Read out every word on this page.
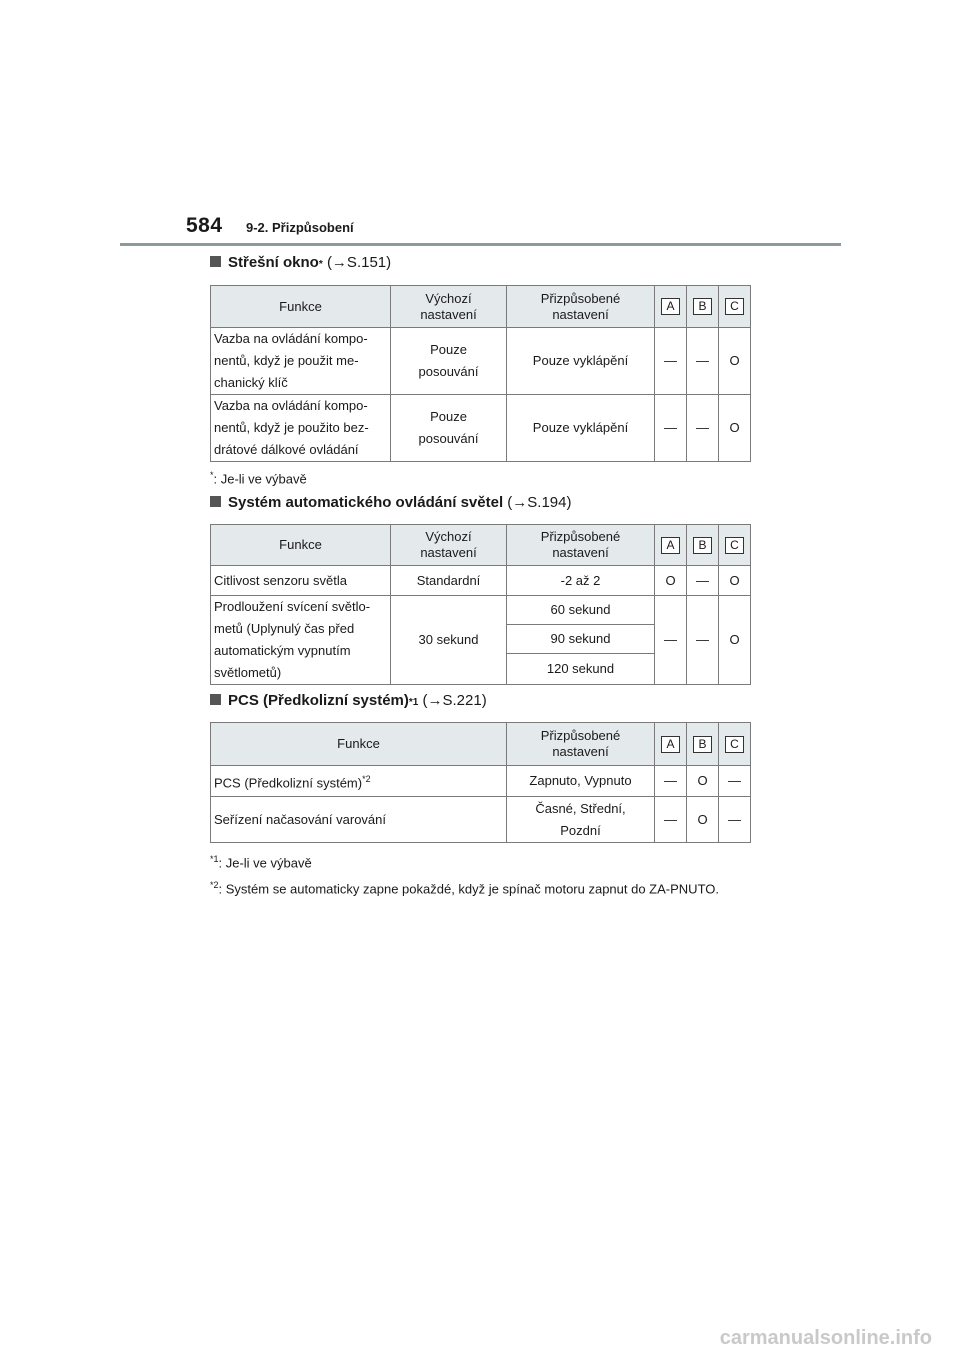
584 9-2. Přizpůsobení
Střešní okno *
(→S.151)
Funkce	Výchozí nastavení	Přizpůsobené nastavení	A	B	C
Vazba na ovládání kompo-nentů, když je použit me-chanický klíč	Pouze posouvání	Pouze vyklápění	—	—	O
Vazba na ovládání kompo-nentů, když je použito bez-drátové dálkové ovládání	Pouze posouvání	Pouze vyklápění	—	—	O
*: Je-li ve výbavě
Systém automatického ovládání světel
(→S.194)
Funkce	Výchozí nastavení	Přizpůsobené nastavení	A	B	C
Citlivost senzoru světla	Standardní	-2 až 2	O	—	O
Prodloužení svícení světlo-metů (Uplynulý čas před automatickým vypnutím světlometů)	30 sekund	60 sekund	—	—	O
		90 sekund			
		120 sekund			
PCS (Předkolizní systém) *1
(→S.221)
Funkce	Přizpůsobené nastavení	A	B	C
PCS (Předkolizní systém)$^{*2}$	Zapnuto, Vypnuto	—	O	—
Seřízení načasování varování	Časné, Střední, Pozdní	—	O	—
$^{*1}$: Je-li ve výbavě
$^{*2}$: Systém se automaticky zapne pokaždé, když je spínač motoru zapnut do ZA-PNUTO.
carmanualsonline.info
